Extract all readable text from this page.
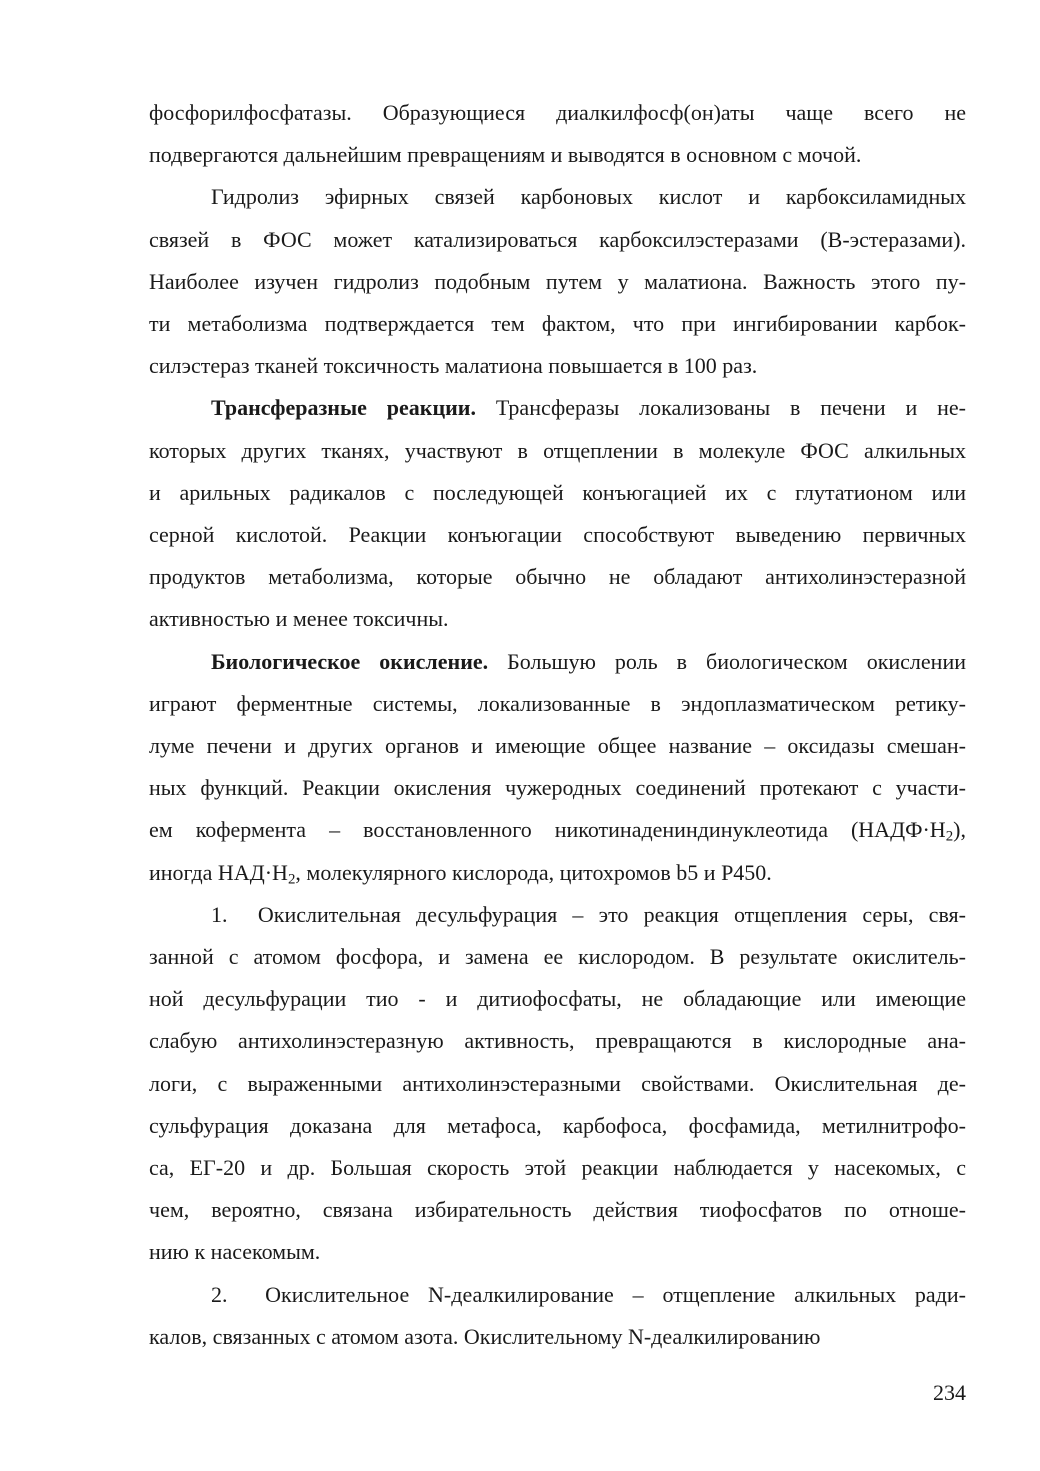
фосфорилфосфатазы. Образующиеся диалкилфосф(он)аты чаще всего не
подвергаются дальнейшим превращениям и выводятся в основном с мочой.
Гидролиз эфирных связей карбоновых кислот и карбоксиламидных
связей в ФОС может катализироваться карбоксилэстеразами (B-эстеразами).
Наиболее изучен гидролиз подобным путем у малатиона. Важность этого пу-
ти метаболизма подтверждается тем фактом, что при ингибировании карбок-
силэстераз тканей токсичность малатиона повышается в 100 раз.
Трансферазные реакции. Трансферазы локализованы в печени и не-
которых других тканях, участвуют в отщеплении в молекуле ФОС алкильных
и арильных радикалов с последующей конъюгацией их с глутатионом или
серной кислотой. Реакции конъюгации способствуют выведению первичных
продуктов метаболизма, которые обычно не обладают антихолинэстеразной
активностью и менее токсичны.
Биологическое окисление. Большую роль в биологическом окислении
играют ферментные системы, локализованные в эндоплазматическом ретику-
луме печени и других органов и имеющие общее название – оксидазы смешан-
ных функций. Реакции окисления чужеродных соединений протекают с участи-
ем кофермента – восстановленного никотинадениндинуклеотида $(НАДФ\cdot Н_2)$,
иногда $НАД\cdot Н_2$, молекулярного кислорода, цитохромов b5 и P450.
1.  Окислительная десульфурация – это реакция отщепления серы, свя-
занной с атомом фосфора, и замена ее кислородом. В результате окислитель-
ной десульфурации тио - и дитиофосфаты, не обладающие или имеющие
слабую антихолинэстеразную активность, превращаются в кислородные ана-
логи, с выраженными антихолинэстеразными свойствами. Окислительная де-
сульфурация доказана для метафоса, карбофоса, фосфамида, метилнитрофо-
са, ЕГ-20 и др. Большая скорость этой реакции наблюдается у насекомых, с
чем, вероятно, связана избирательность действия тиофосфатов по отноше-
нию к насекомым.
2.  Окислительное N-деалкилирование – отщепление алкильных ради-
калов, связанных с атомом азота. Окислительному N-деалкилированию
234
